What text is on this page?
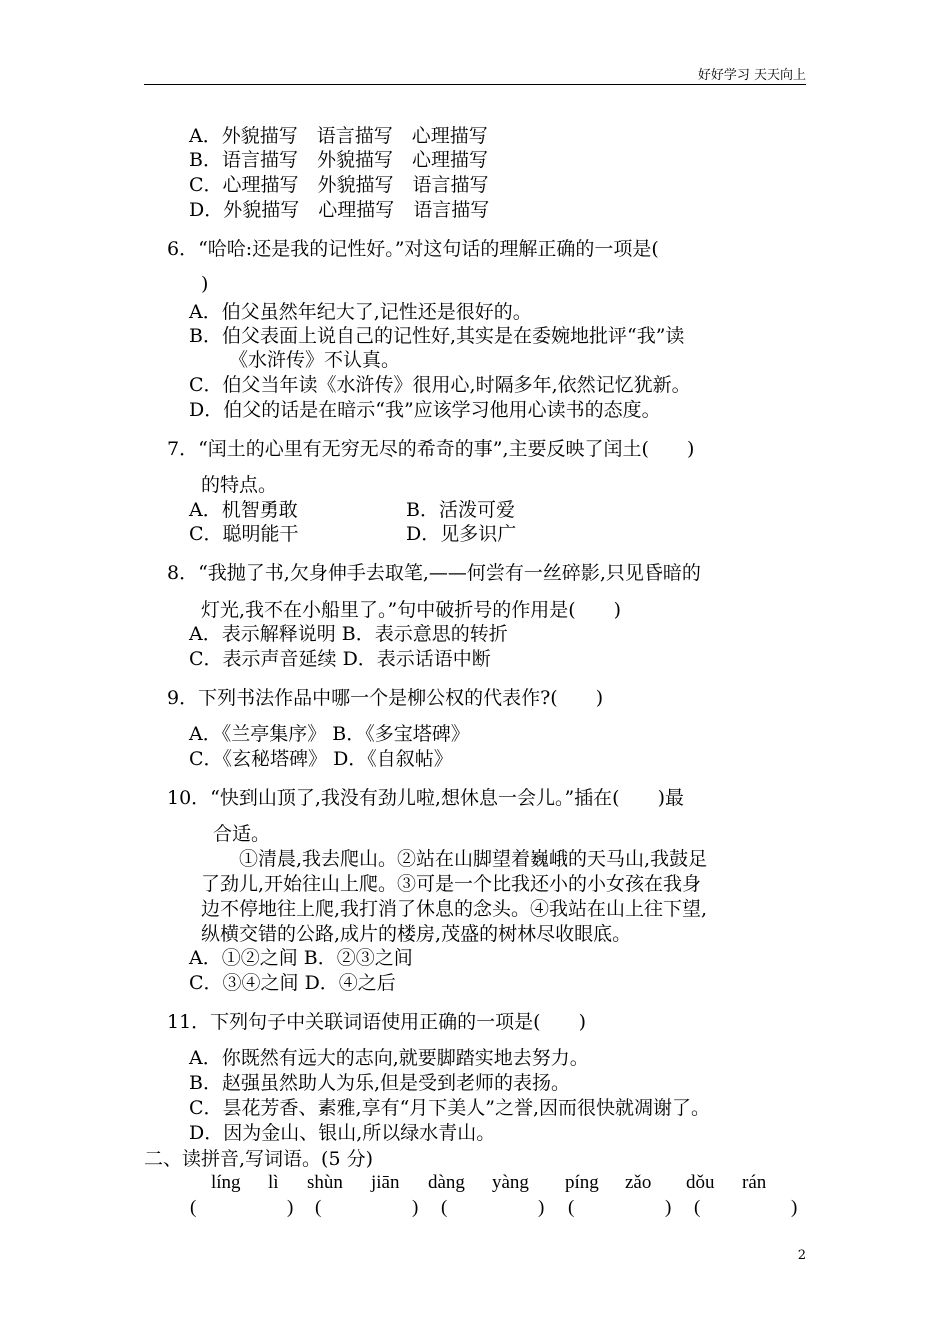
好好学习 天天向上
A．外貌描写　语言描写　心理描写
B．语言描写　外貌描写　心理描写
C．心理描写　外貌描写　语言描写
D．外貌描写　心理描写　语言描写
6．“哈哈:还是我的记性好。”对这句话的理解正确的一项是(
)
A．伯父虽然年纪大了,记性还是很好的。
B．伯父表面上说自己的记性好,其实是在委婉地批评“我”读
《水浒传》不认真。
C．伯父当年读《水浒传》很用心,时隔多年,依然记忆犹新。
D．伯父的话是在暗示“我”应该学习他用心读书的态度。
7．“闰土的心里有无穷无尽的希奇的事”,主要反映了闰土(　　)
的特点。
A．机智勇敢	B．活泼可爱
C．聪明能干	D．见多识广
8．“我抛了书,欠身伸手去取笔,——何尝有一丝碎影,只见昏暗的
灯光,我不在小船里了。”句中破折号的作用是(　　)
A．表示解释说明 B．表示意思的转折
C．表示声音延续 D．表示话语中断
9．下列书法作品中哪一个是柳公权的代表作?(　　)
A．《兰亭集序》 B．《多宝塔碑》
C．《玄秘塔碑》 D．《自叙帖》
10．“快到山顶了,我没有劲儿啦,想休息一会儿。”插在(　　)最
合适。
　　①清晨,我去爬山。②站在山脚望着巍峨的天马山,我鼓足
了劲儿,开始往山上爬。③可是一个比我还小的小女孩在我身
边不停地往上爬,我打消了休息的念头。④我站在山上往下望,
纵横交错的公路,成片的楼房,茂盛的树林尽收眼底。
A．①②之间 B．②③之间
C．③④之间 D．④之后
11．下列句子中关联词语使用正确的一项是(　　)
A．你既然有远大的志向,就要脚踏实地去努力。
B．赵强虽然助人为乐,但是受到老师的表扬。
C．昙花芳香、素雅,享有“月下美人”之誉,因而很快就凋谢了。
D．因为金山、银山,所以绿水青山。
二、读拼音,写词语。(5 分)
líng lì shùn jiān dàng yàng píng zǎo dǒu rán
(	) (	) (	) (	) (	)
2
